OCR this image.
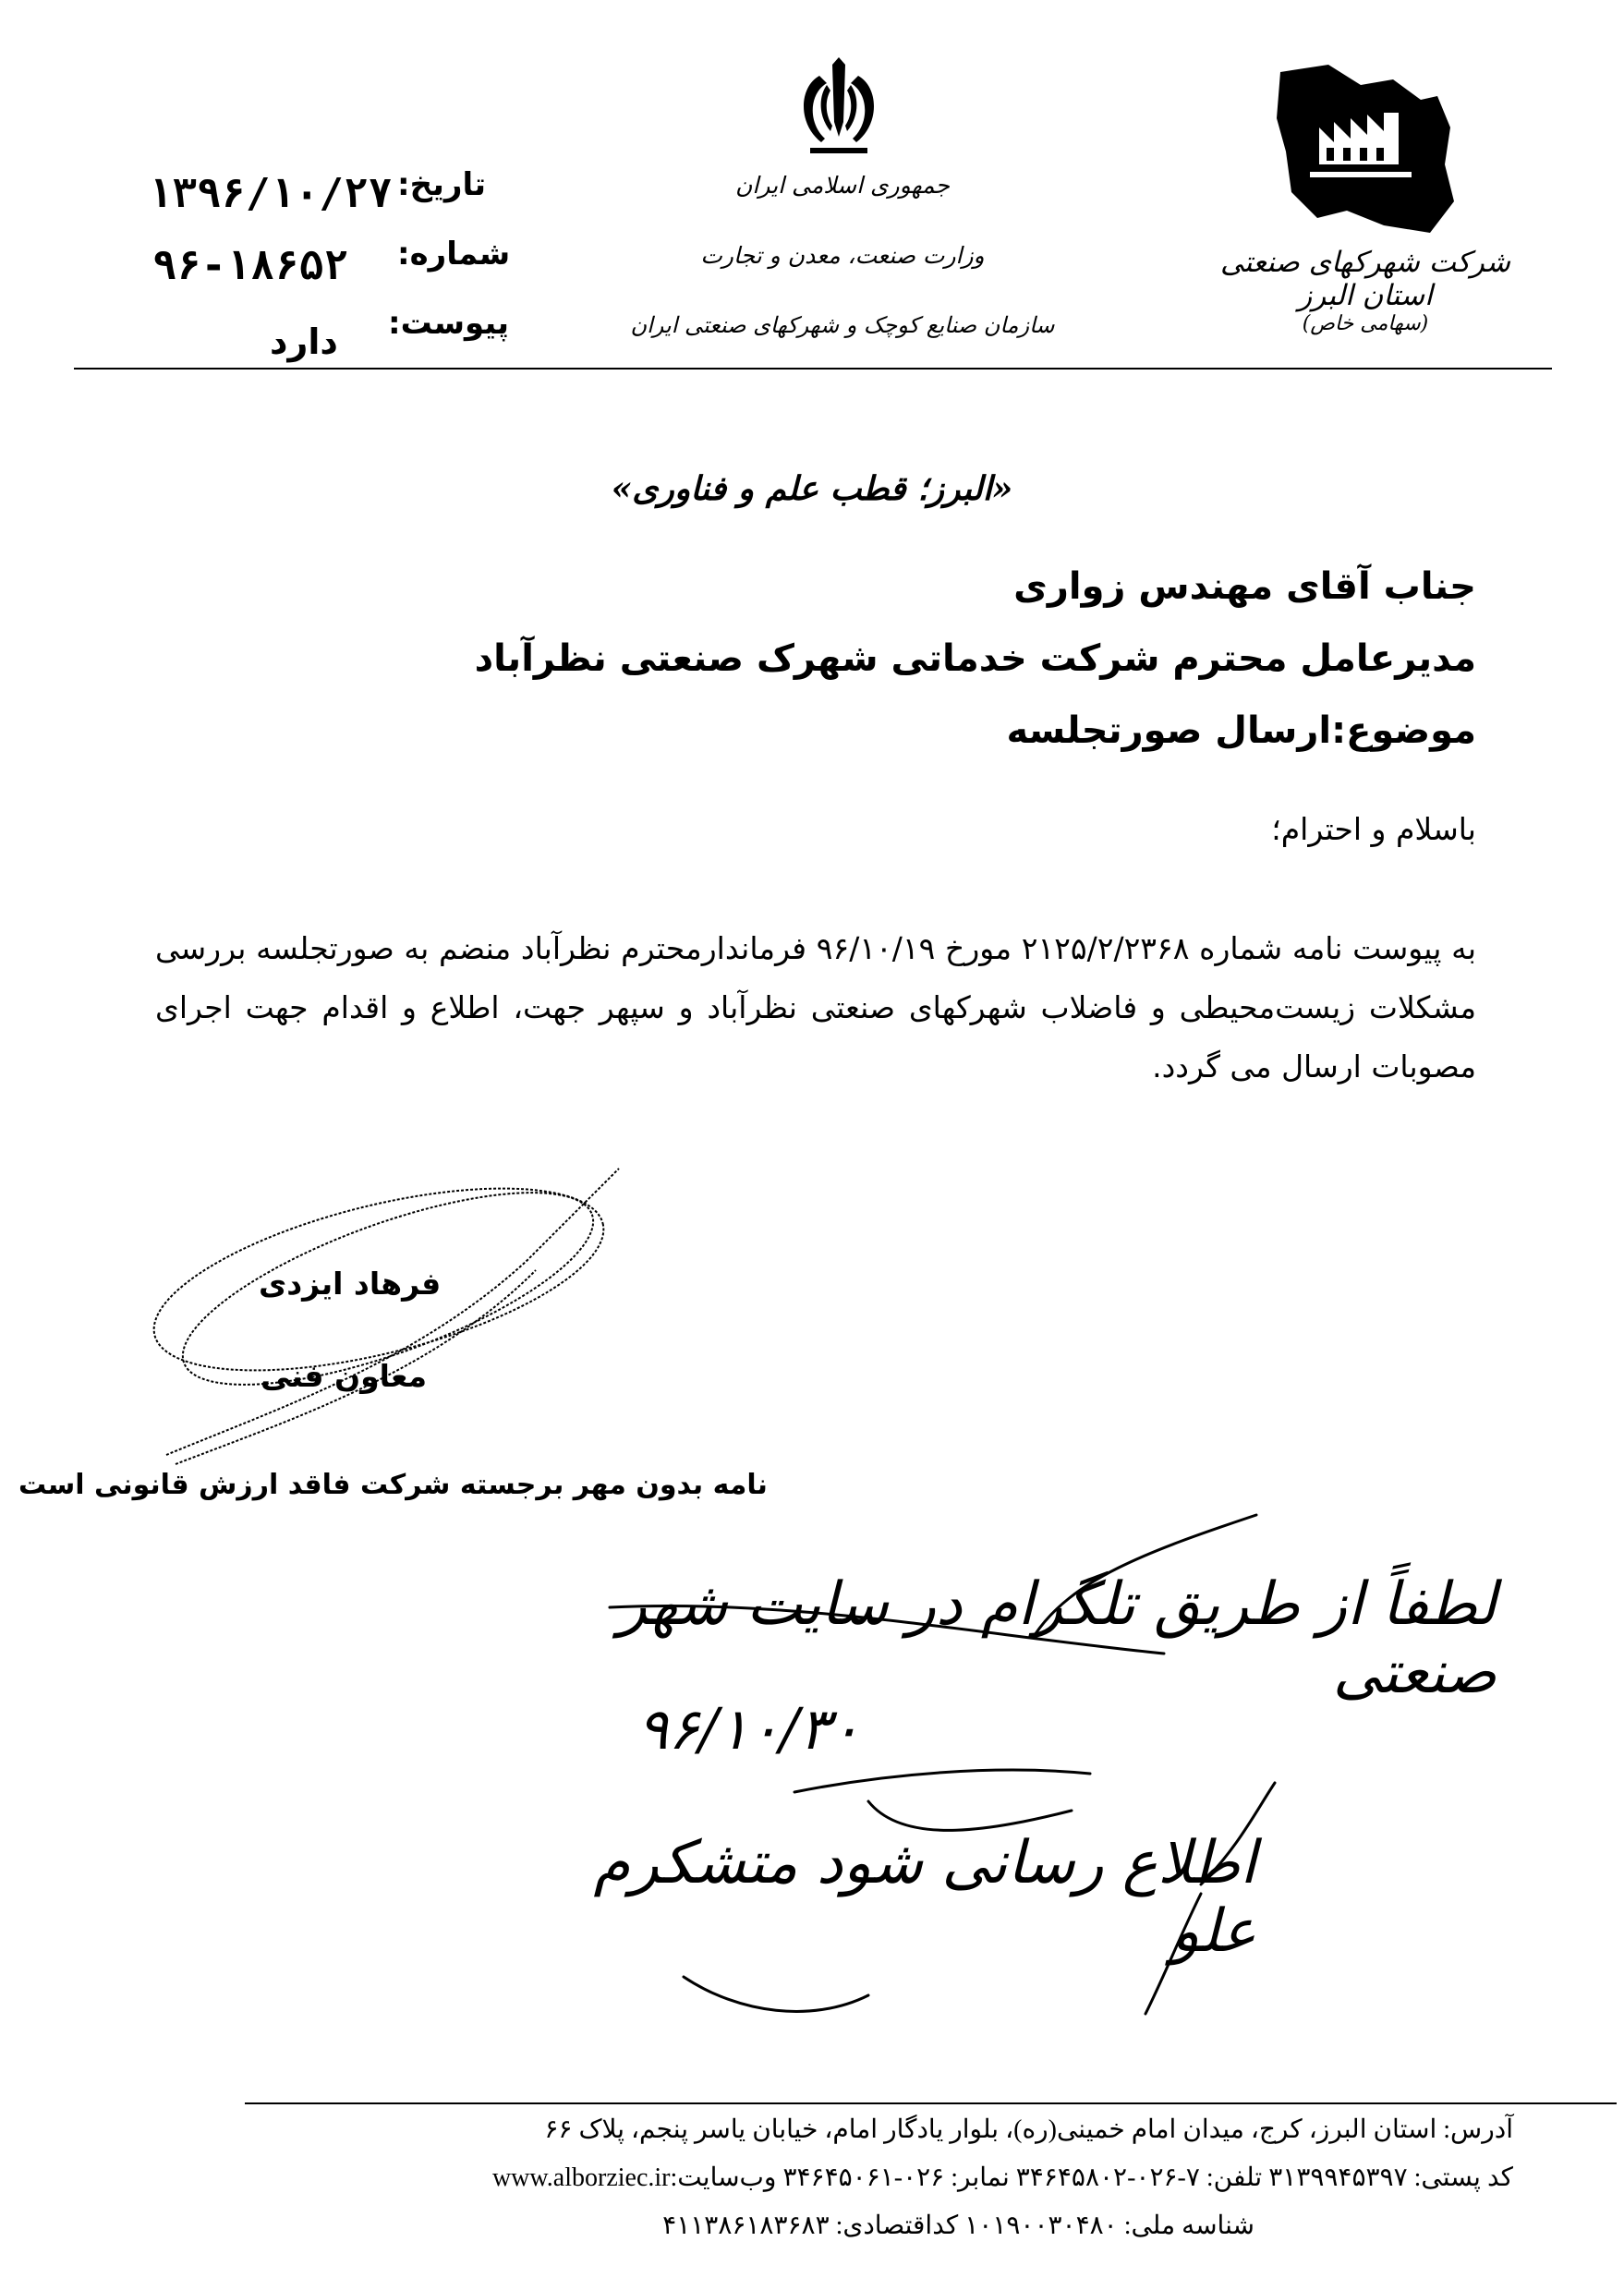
تاریخ:
۱۳۹۶/۱۰/۲۷
شماره:
۹۶-۱۸۶۵۲
پیوست:
دارد
جمهوری اسلامی ایران
وزارت صنعت، معدن و تجارت
سازمان صنایع کوچک و شهرکهای صنعتی ایران
شرکت شهرکهای صنعتی استان البرز
(سهامی خاص)
«البرز؛ قطب علم و فناوری»
جناب آقای مهندس زواری
مدیرعامل محترم شرکت خدماتی شهرک صنعتی نظرآباد
موضوع:ارسال صورتجلسه
باسلام و احترام؛
به پیوست نامه شماره ۲۱۲۵/۲/۲۳۶۸ مورخ ۹۶/۱۰/۱۹ فرماندارمحترم نظرآباد منضم به صورتجلسه بررسی مشکلات زیست‌محیطی و فاضلاب شهرکهای صنعتی نظرآباد و سپهر جهت، اطلاع و اقدام جهت اجرای مصوبات ارسال می گردد.
فرهاد ایزدی
معاون فنی
نامه بدون مهر برجسته شرکت فاقد ارزش قانونی است
لطفاً از طریق تلگرام در سایت شهر صنعتی
۹۶/۱۰/۳۰
اطلاع رسانی شود متشکرم علو
آدرس: استان البرز، کرج، میدان امام خمینی(ره)، بلوار یادگار امام، خیابان یاسر پنجم، پلاک ۶۶
کد پستی: ۳۱۳۹۹۴۵۳۹۷ تلفن: ۷-۰۲۶-۳۴۶۴۵۸۰۲ نمابر: ۰۲۶-۳۴۶۴۵۰۶۱ وب‌سایت:www.alborziec.ir
شناسه ملی: ۱۰۱۹۰۰۳۰۴۸۰ کداقتصادی: ۴۱۱۳۸۶۱۸۳۶۸۳
